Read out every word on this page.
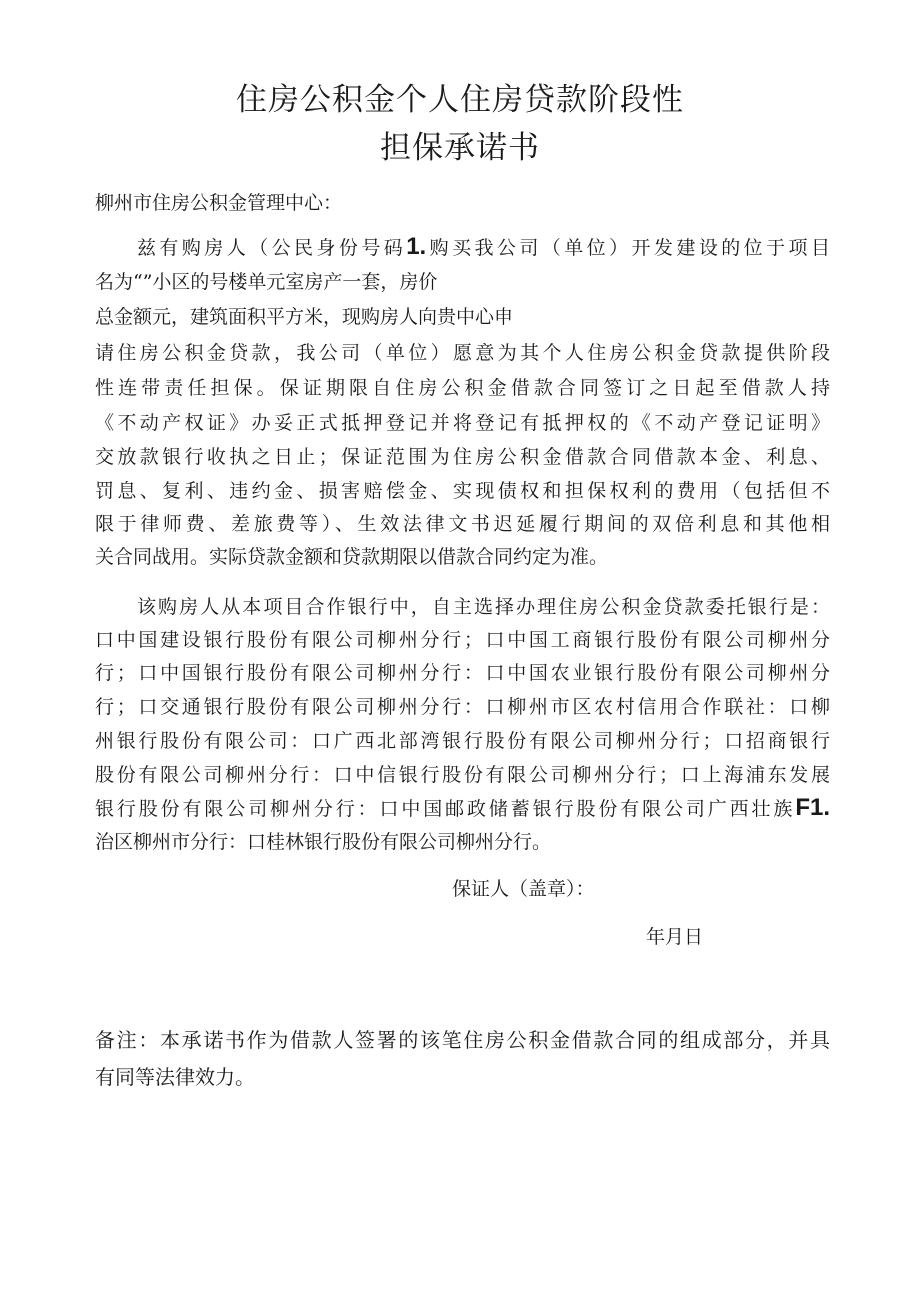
住房公积金个人住房贷款阶段性
担保承诺书
柳州市住房公积金管理中心：
兹有购房人（公民身份号码1.购买我公司（单位）开发建设的位于项目
名为“”小区的号楼单元室房产一套，房价
总金额元，建筑面积平方米，现购房人向贵中心申
请住房公积金贷款，我公司（单位）愿意为其个人住房公积金贷款提供阶段
性连带责任担保。保证期限自住房公积金借款合同签订之日起至借款人持
《不动产权证》办妥正式抵押登记并将登记有抵押权的《不动产登记证明》
交放款银行收执之日止；保证范围为住房公积金借款合同借款本金、利息、
罚息、复利、违约金、损害赔偿金、实现债权和担保权利的费用（包括但不
限于律师费、差旅费等）、生效法律文书迟延履行期间的双倍利息和其他相
关合同战用。实际贷款金额和贷款期限以借款合同约定为准。
该购房人从本项目合作银行中，自主选择办理住房公积金贷款委托银行是：
口中国建设银行股份有限公司柳州分行；口中国工商银行股份有限公司柳州分
行；口中国银行股份有限公司柳州分行：口中国农业银行股份有限公司柳州分
行；口交通银行股份有限公司柳州分行：口柳州市区农村信用合作联社：口柳
州银行股份有限公司：口广西北部湾银行股份有限公司柳州分行；口招商银行
股份有限公司柳州分行：口中信银行股份有限公司柳州分行；口上海浦东发展
银行股份有限公司柳州分行：口中国邮政储蓄银行股份有限公司广西壮族F1.
治区柳州市分行：口桂林银行股份有限公司柳州分行。
保证人（盖章）：
年月日
备注：本承诺书作为借款人签署的该笔住房公积金借款合同的组成部分，并具
有同等法律效力。
